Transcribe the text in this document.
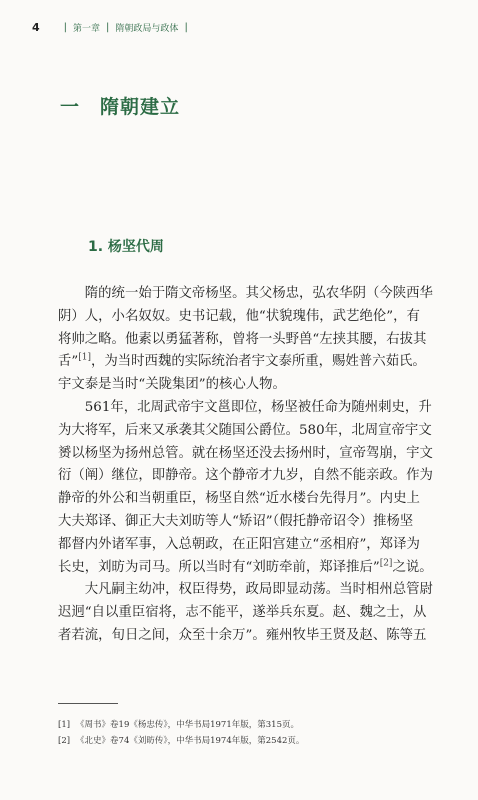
4 | 第一章 | 隋朝政局与政体 |
一　隋朝建立
1. 杨坚代周
　　隋的统一始于隋文帝杨坚。其父杨忠，弘农华阴（今陕西华
阴）人，小名奴奴。史书记载，他“状貌瑰伟，武艺绝伦”，有
将帅之略。他素以勇猛著称，曾将一头野兽“左挟其腰，右拔其
舌”[1]，为当时西魏的实际统治者宇文泰所重，赐姓普六茹氏。
宇文泰是当时“关陇集团”的核心人物。
　　561年，北周武帝宇文邕即位，杨坚被任命为随州刺史，升
为大将军，后来又承袭其父随国公爵位。580年，北周宣帝宇文
赟以杨坚为扬州总管。就在杨坚还没去扬州时，宣帝驾崩，宇文
衍（阐）继位，即静帝。这个静帝才九岁，自然不能亲政。作为
静帝的外公和当朝重臣，杨坚自然“近水楼台先得月”。内史上
大夫郑译、御正大夫刘昉等人“矫诏”（假托静帝诏令）推杨坚
都督内外诸军事，入总朝政，在正阳宫建立“丞相府”，郑译为
长史，刘昉为司马。所以当时有“刘昉牵前，郑译推后”[2]之说。
　　大凡嗣主幼冲，权臣得势，政局即显动荡。当时相州总管尉
迟迥“自以重臣宿将，志不能平，遂举兵东夏。赵、魏之士，从
者若流，旬日之间，众至十余万”。雍州牧毕王贤及赵、陈等五
[1] 《周书》卷19《杨忠传》，中华书局1971年版，第315页。
[2] 《北史》卷74《刘昉传》，中华书局1974年版，第2542页。
